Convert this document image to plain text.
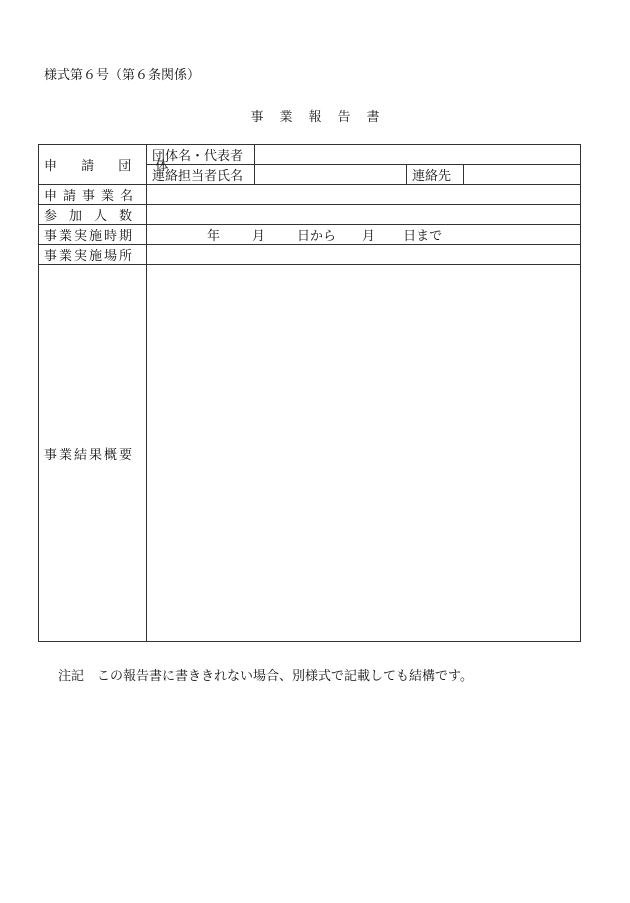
様式第６号（第６条関係）
事業報告書
申 請 団 体	団体名・代表者			
	連絡担当者氏名		連絡先	
申請事業名				
参加人数				
事業実施時期	年 月 日から 月 日まで			
事業実施場所				
事業結果概要				
注記　この報告書に書ききれない場合、別様式で記載しても結構です。
